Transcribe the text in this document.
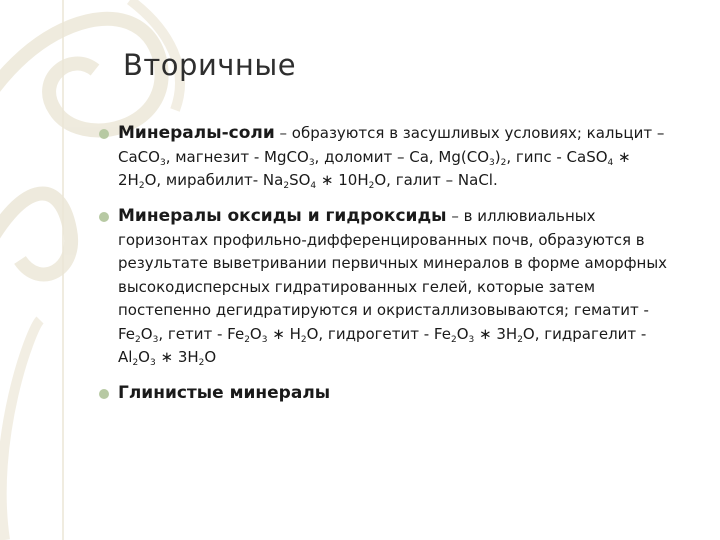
Вторичные
Минералы-соли – образуются в засушливых условиях; кальцит –
CaCO$_3$, магнезит - MgCO$_3$, доломит – Ca, $Mg(CO_3)_2$, гипс - CaSO$_4$ ∗
$2H_2O$, мирабилит- $Na_2SO_4$ ∗ $10H_2O$, галит – NaCl.
Минералы оксиды и гидроксиды – в иллювиальных
горизонтах профильно-дифференцированных почв, образуются в
результате выветривании первичных минералов в форме аморфных
высокодисперсных гидратированных гелей, которые затем
постепенно дегидратируются и окристаллизовываются; гематит -
$Fe_2O_3$, гетит - $Fe_2O_3$ ∗ $H_2O$, гидрогетит - $Fe_2O_3$ ∗ $3H_2O$, гидрагелит -
$Al_2O_3$ ∗ $3H_2O$
Глинистые минералы
